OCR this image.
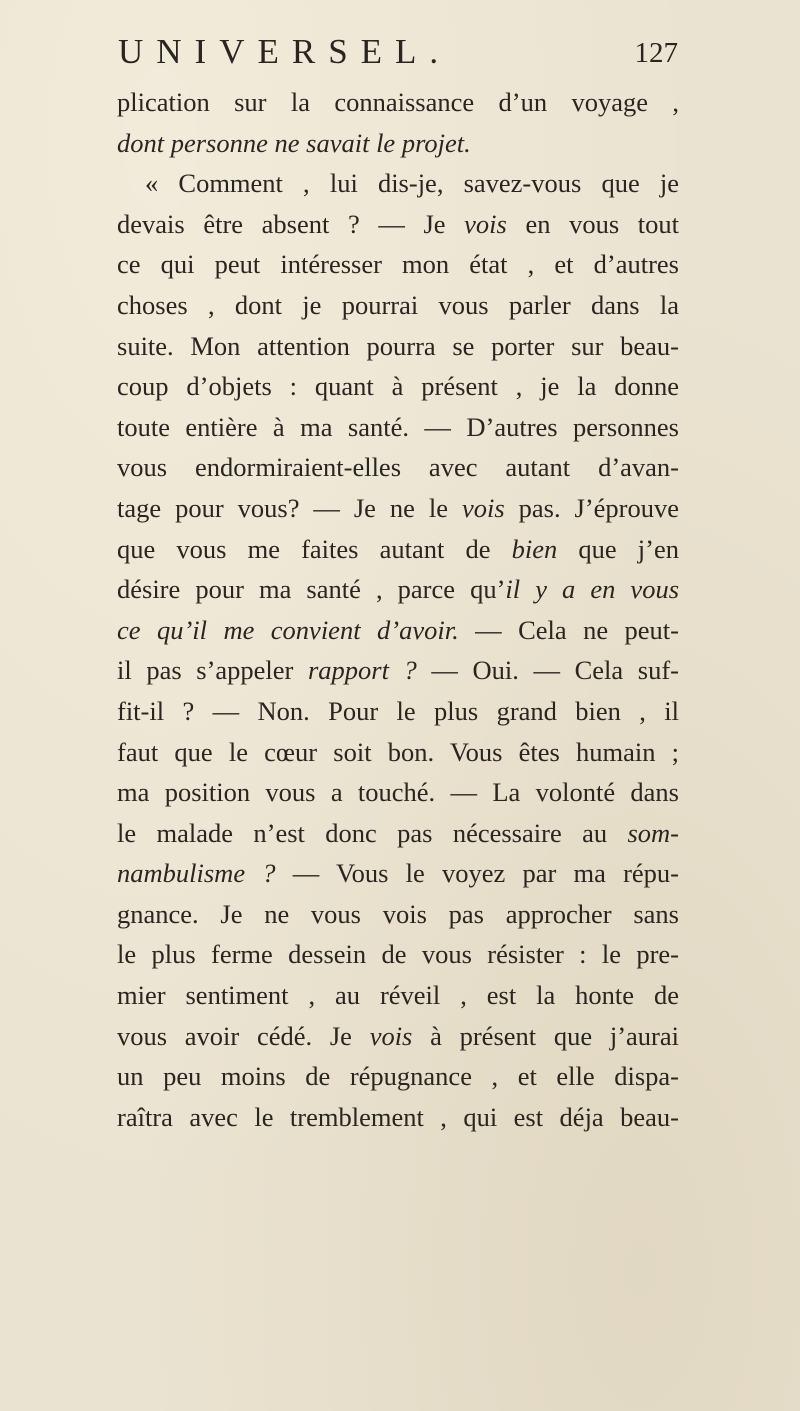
UNIVERSEL.	127
plication sur la connaissance d’un voyage ,
dont personne ne savait le projet.
« Comment , lui dis-je, savez-vous que je
devais être absent ? — Je vois en vous tout
ce qui peut intéresser mon état , et d’autres
choses , dont je pourrai vous parler dans la
suite. Mon attention pourra se porter sur beau-
coup d’objets : quant à présent , je la donne
toute entière à ma santé. — D’autres personnes
vous endormiraient-elles avec autant d’avan-
tage pour vous? — Je ne le vois pas. J’éprouve
que vous me faites autant de bien que j’en
désire pour ma santé , parce qu’il y a en vous
ce qu’il me convient d’avoir. — Cela ne peut-
il pas s’appeler rapport ? — Oui. — Cela suf-
fit-il ? — Non. Pour le plus grand bien , il
faut que le cœur soit bon. Vous êtes humain ;
ma position vous a touché. — La volonté dans
le malade n’est donc pas nécessaire au som-
nambulisme ? — Vous le voyez par ma répu-
gnance. Je ne vous vois pas approcher sans
le plus ferme dessein de vous résister : le pre-
mier sentiment , au réveil , est la honte de
vous avoir cédé. Je vois à présent que j’aurai
un peu moins de répugnance , et elle dispa-
raîtra avec le tremblement , qui est déja beau-
